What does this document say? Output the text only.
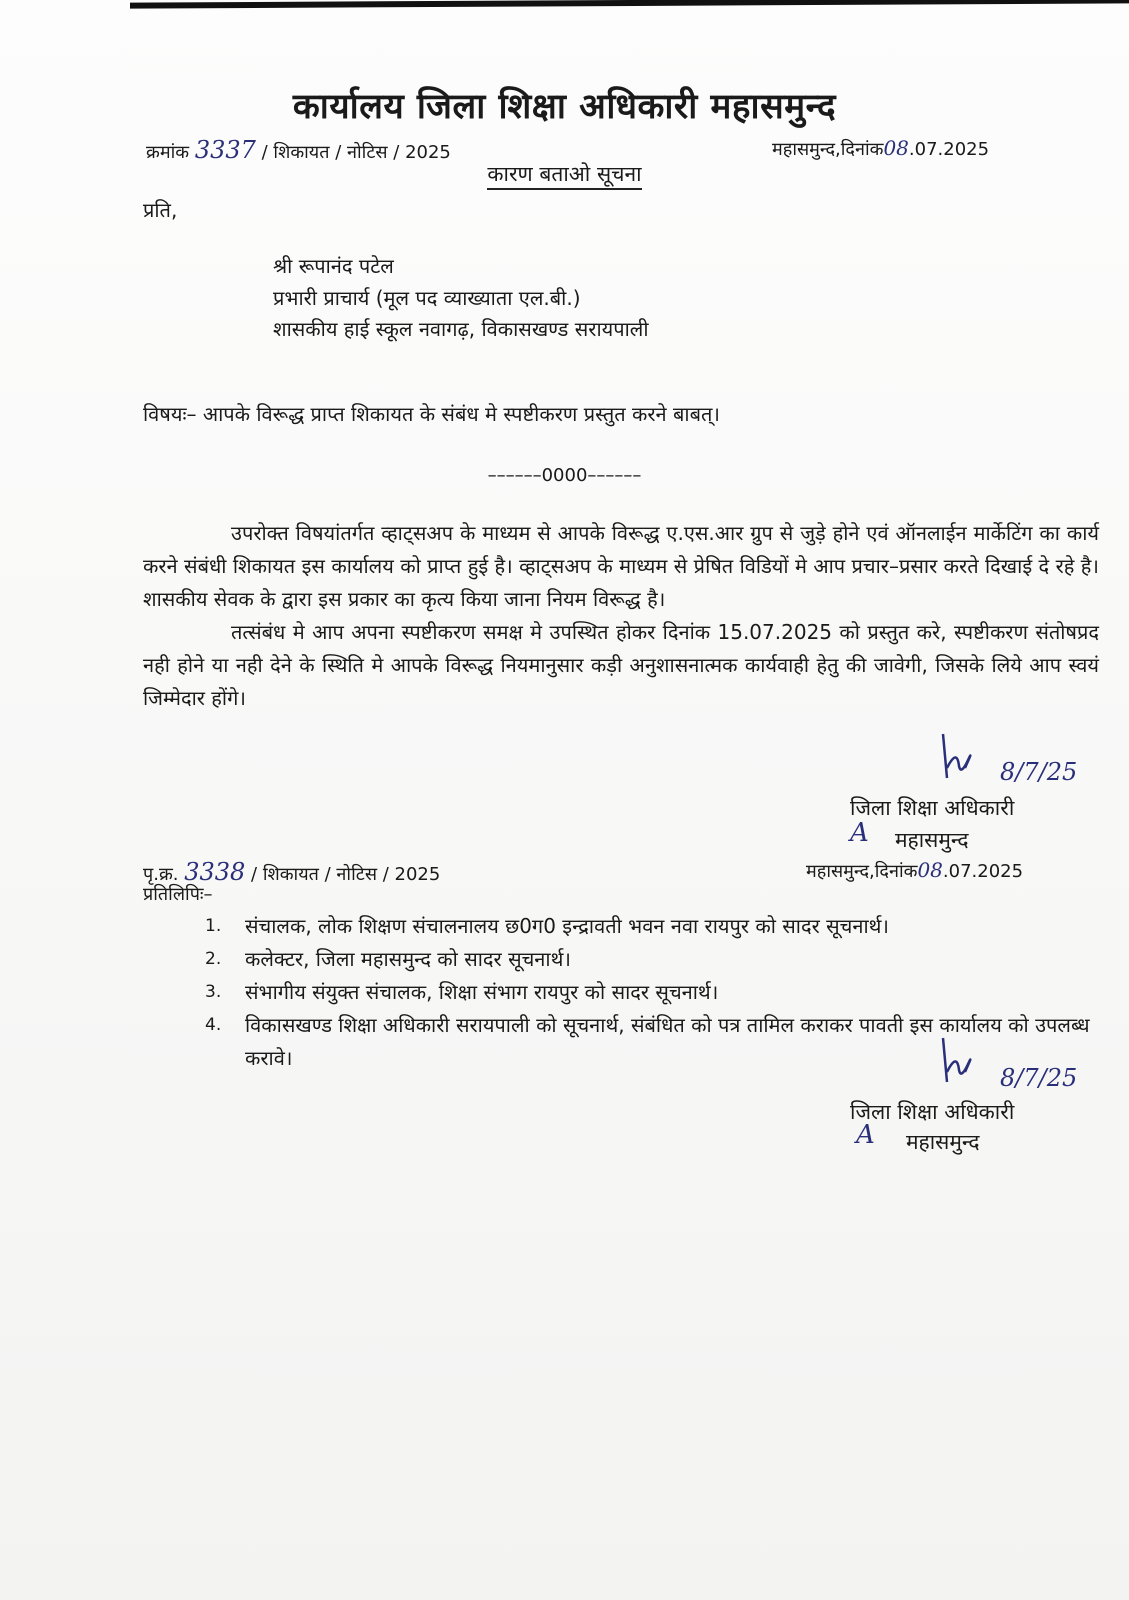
कार्यालय जिला शिक्षा अधिकारी महासमुन्द
क्रमांक 3337 / शिकायत / नोटिस / 2025	महासमुन्द,दिनांक08.07.2025
कारण बताओ सूचना
प्रति,
श्री रूपानंद पटेल
प्रभारी प्राचार्य (मूल पद व्याख्याता एल.बी.)
शासकीय हाई स्कूल नवागढ़, विकासखण्ड सरायपाली
विषयः– आपके विरूद्ध प्राप्त शिकायत के संबंध मे स्पष्टीकरण प्रस्तुत करने बाबत्।
––––––0000––––––

उपरोक्त विषयांतर्गत व्हाट्सअप के माध्यम से आपके विरूद्ध ए.एस.आर ग्रुप से जुड़े होने एवं ऑनलाईन मार्केटिंग का कार्य करने संबंधी शिकायत इस कार्यालय को प्राप्त हुई है। व्हाट्सअप के माध्यम से प्रेषित विडियों मे आप प्रचार–प्रसार करते दिखाई दे रहे है। शासकीय सेवक के द्वारा इस प्रकार का कृत्य किया जाना नियम विरूद्ध है।

तत्संबंध मे आप अपना स्पष्टीकरण समक्ष मे उपस्थित होकर दिनांक 15.07.2025 को प्रस्तुत करे, स्पष्टीकरण संतोषप्रद नही होने या नही देने के स्थिति मे आपके विरूद्ध नियमानुसार कड़ी अनुशासनात्मक कार्यवाही हेतु की जावेगी, जिसके लिये आप स्वयं जिम्मेदार होंगे।

8/7/25
जिला शिक्षा अधिकारी
A महासमुन्द
पृ.क्र. 3338 / शिकायत / नोटिस / 2025	महासमुन्द,दिनांक08.07.2025
प्रतिलिपिः–
1. संचालक, लोक शिक्षण संचालनालय छ0ग0 इन्द्रावती भवन नवा रायपुर को सादर सूचनार्थ।
2. कलेक्टर, जिला महासमुन्द को सादर सूचनार्थ।
3. संभागीय संयुक्त संचालक, शिक्षा संभाग रायपुर को सादर सूचनार्थ।
4. विकासखण्ड शिक्षा अधिकारी सरायपाली को सूचनार्थ, संबंधित को पत्र तामिल कराकर पावती इस कार्यालय को उपलब्ध करावे।
8/7/25
जिला शिक्षा अधिकारी
A महासमुन्द
